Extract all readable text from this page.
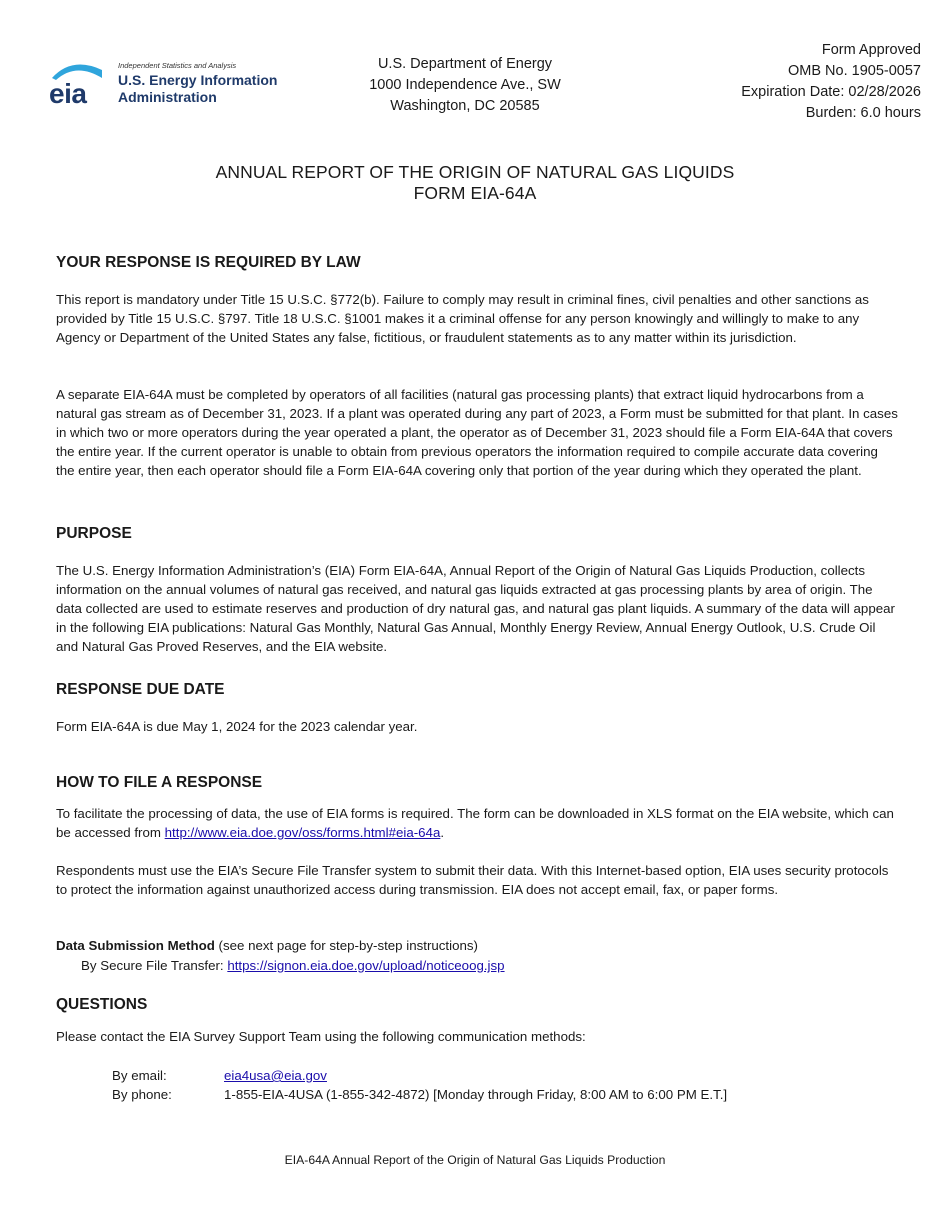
eia
Independent Statistics and Analysis
U.S. Energy Information
Administration
U.S. Department of Energy
1000 Independence Ave., SW
Washington, DC 20585
Form Approved
OMB No. 1905-0057
Expiration Date: 02/28/2026
Burden: 6.0 hours
ANNUAL REPORT OF THE ORIGIN OF NATURAL GAS LIQUIDS
FORM EIA-64A
YOUR RESPONSE IS REQUIRED BY LAW
This report is mandatory under Title 15 U.S.C. §772(b). Failure to comply may result in criminal fines, civil penalties and other sanctions as provided by Title 15 U.S.C. §797. Title 18 U.S.C. §1001 makes it a criminal offense for any person knowingly and willingly to make to any Agency or Department of the United States any false, fictitious, or fraudulent statements as to any matter within its jurisdiction.
A separate EIA-64A must be completed by operators of all facilities (natural gas processing plants) that extract liquid hydrocarbons from a natural gas stream as of December 31, 2023. If a plant was operated during any part of 2023, a Form must be submitted for that plant. In cases in which two or more operators during the year operated a plant, the operator as of December 31, 2023 should file a Form EIA-64A that covers the entire year. If the current operator is unable to obtain from previous operators the information required to compile accurate data covering the entire year, then each operator should file a Form EIA-64A covering only that portion of the year during which they operated the plant.
PURPOSE
The U.S. Energy Information Administration’s (EIA) Form EIA-64A, Annual Report of the Origin of Natural Gas Liquids Production, collects information on the annual volumes of natural gas received, and natural gas liquids extracted at gas processing plants by area of origin. The data collected are used to estimate reserves and production of dry natural gas, and natural gas plant liquids. A summary of the data will appear in the following EIA publications: Natural Gas Monthly, Natural Gas Annual, Monthly Energy Review, Annual Energy Outlook, U.S. Crude Oil and Natural Gas Proved Reserves, and the EIA website.
RESPONSE DUE DATE
Form EIA-64A is due May 1, 2024 for the 2023 calendar year.
HOW TO FILE A RESPONSE
To facilitate the processing of data, the use of EIA forms is required. The form can be downloaded in XLS format on the EIA website, which can be accessed from http://www.eia.doe.gov/oss/forms.html#eia-64a.
Respondents must use the EIA’s Secure File Transfer system to submit their data. With this Internet-based option, EIA uses security protocols to protect the information against unauthorized access during transmission. EIA does not accept email, fax, or paper forms.
Data Submission Method (see next page for step-by-step instructions)
By Secure File Transfer: https://signon.eia.doe.gov/upload/noticeoog.jsp
QUESTIONS
Please contact the EIA Survey Support Team using the following communication methods:
By email:	eia4usa@eia.gov
By phone:	1-855-EIA-4USA (1-855-342-4872) [Monday through Friday, 8:00 AM to 6:00 PM E.T.]
EIA-64A Annual Report of the Origin of Natural Gas Liquids Production
